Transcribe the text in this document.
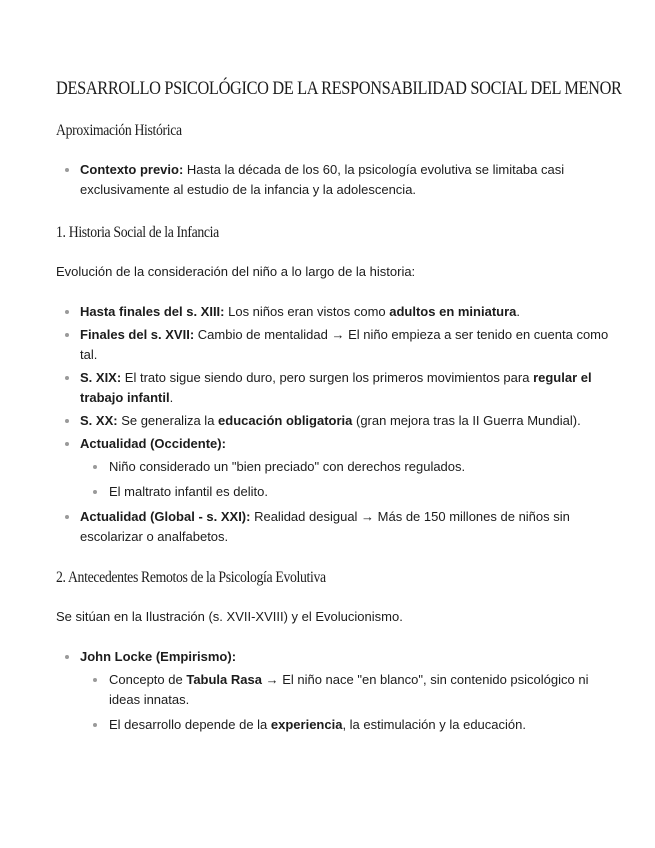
DESARROLLO PSICOLÓGICO DE LA RESPONSABILIDAD SOCIAL DEL MENOR
Aproximación Histórica
Contexto previo: Hasta la década de los 60, la psicología evolutiva se limitaba casi exclusivamente al estudio de la infancia y la adolescencia.
1. Historia Social de la Infancia

Evolución de la consideración del niño a lo largo de la historia:

Hasta finales del s. XIII: Los niños eran vistos como adultos en miniatura.
Finales del s. XVII: Cambio de mentalidad → El niño empieza a ser tenido en cuenta como tal.
S. XIX: El trato sigue siendo duro, pero surgen los primeros movimientos para regular el trabajo infantil.
S. XX: Se generaliza la educación obligatoria (gran mejora tras la II Guerra Mundial).
Actualidad (Occidente):
Niño considerado un "bien preciado" con derechos regulados.
El maltrato infantil es delito.
Actualidad (Global - s. XXI): Realidad desigual → Más de 150 millones de niños sin escolarizar o analfabetos.
2. Antecedentes Remotos de la Psicología Evolutiva

Se sitúan en la Ilustración (s. XVII-XVIII) y el Evolucionismo.

John Locke (Empirismo):
Concepto de Tabula Rasa → El niño nace "en blanco", sin contenido psicológico ni ideas innatas.
El desarrollo depende de la experiencia, la estimulación y la educación.
